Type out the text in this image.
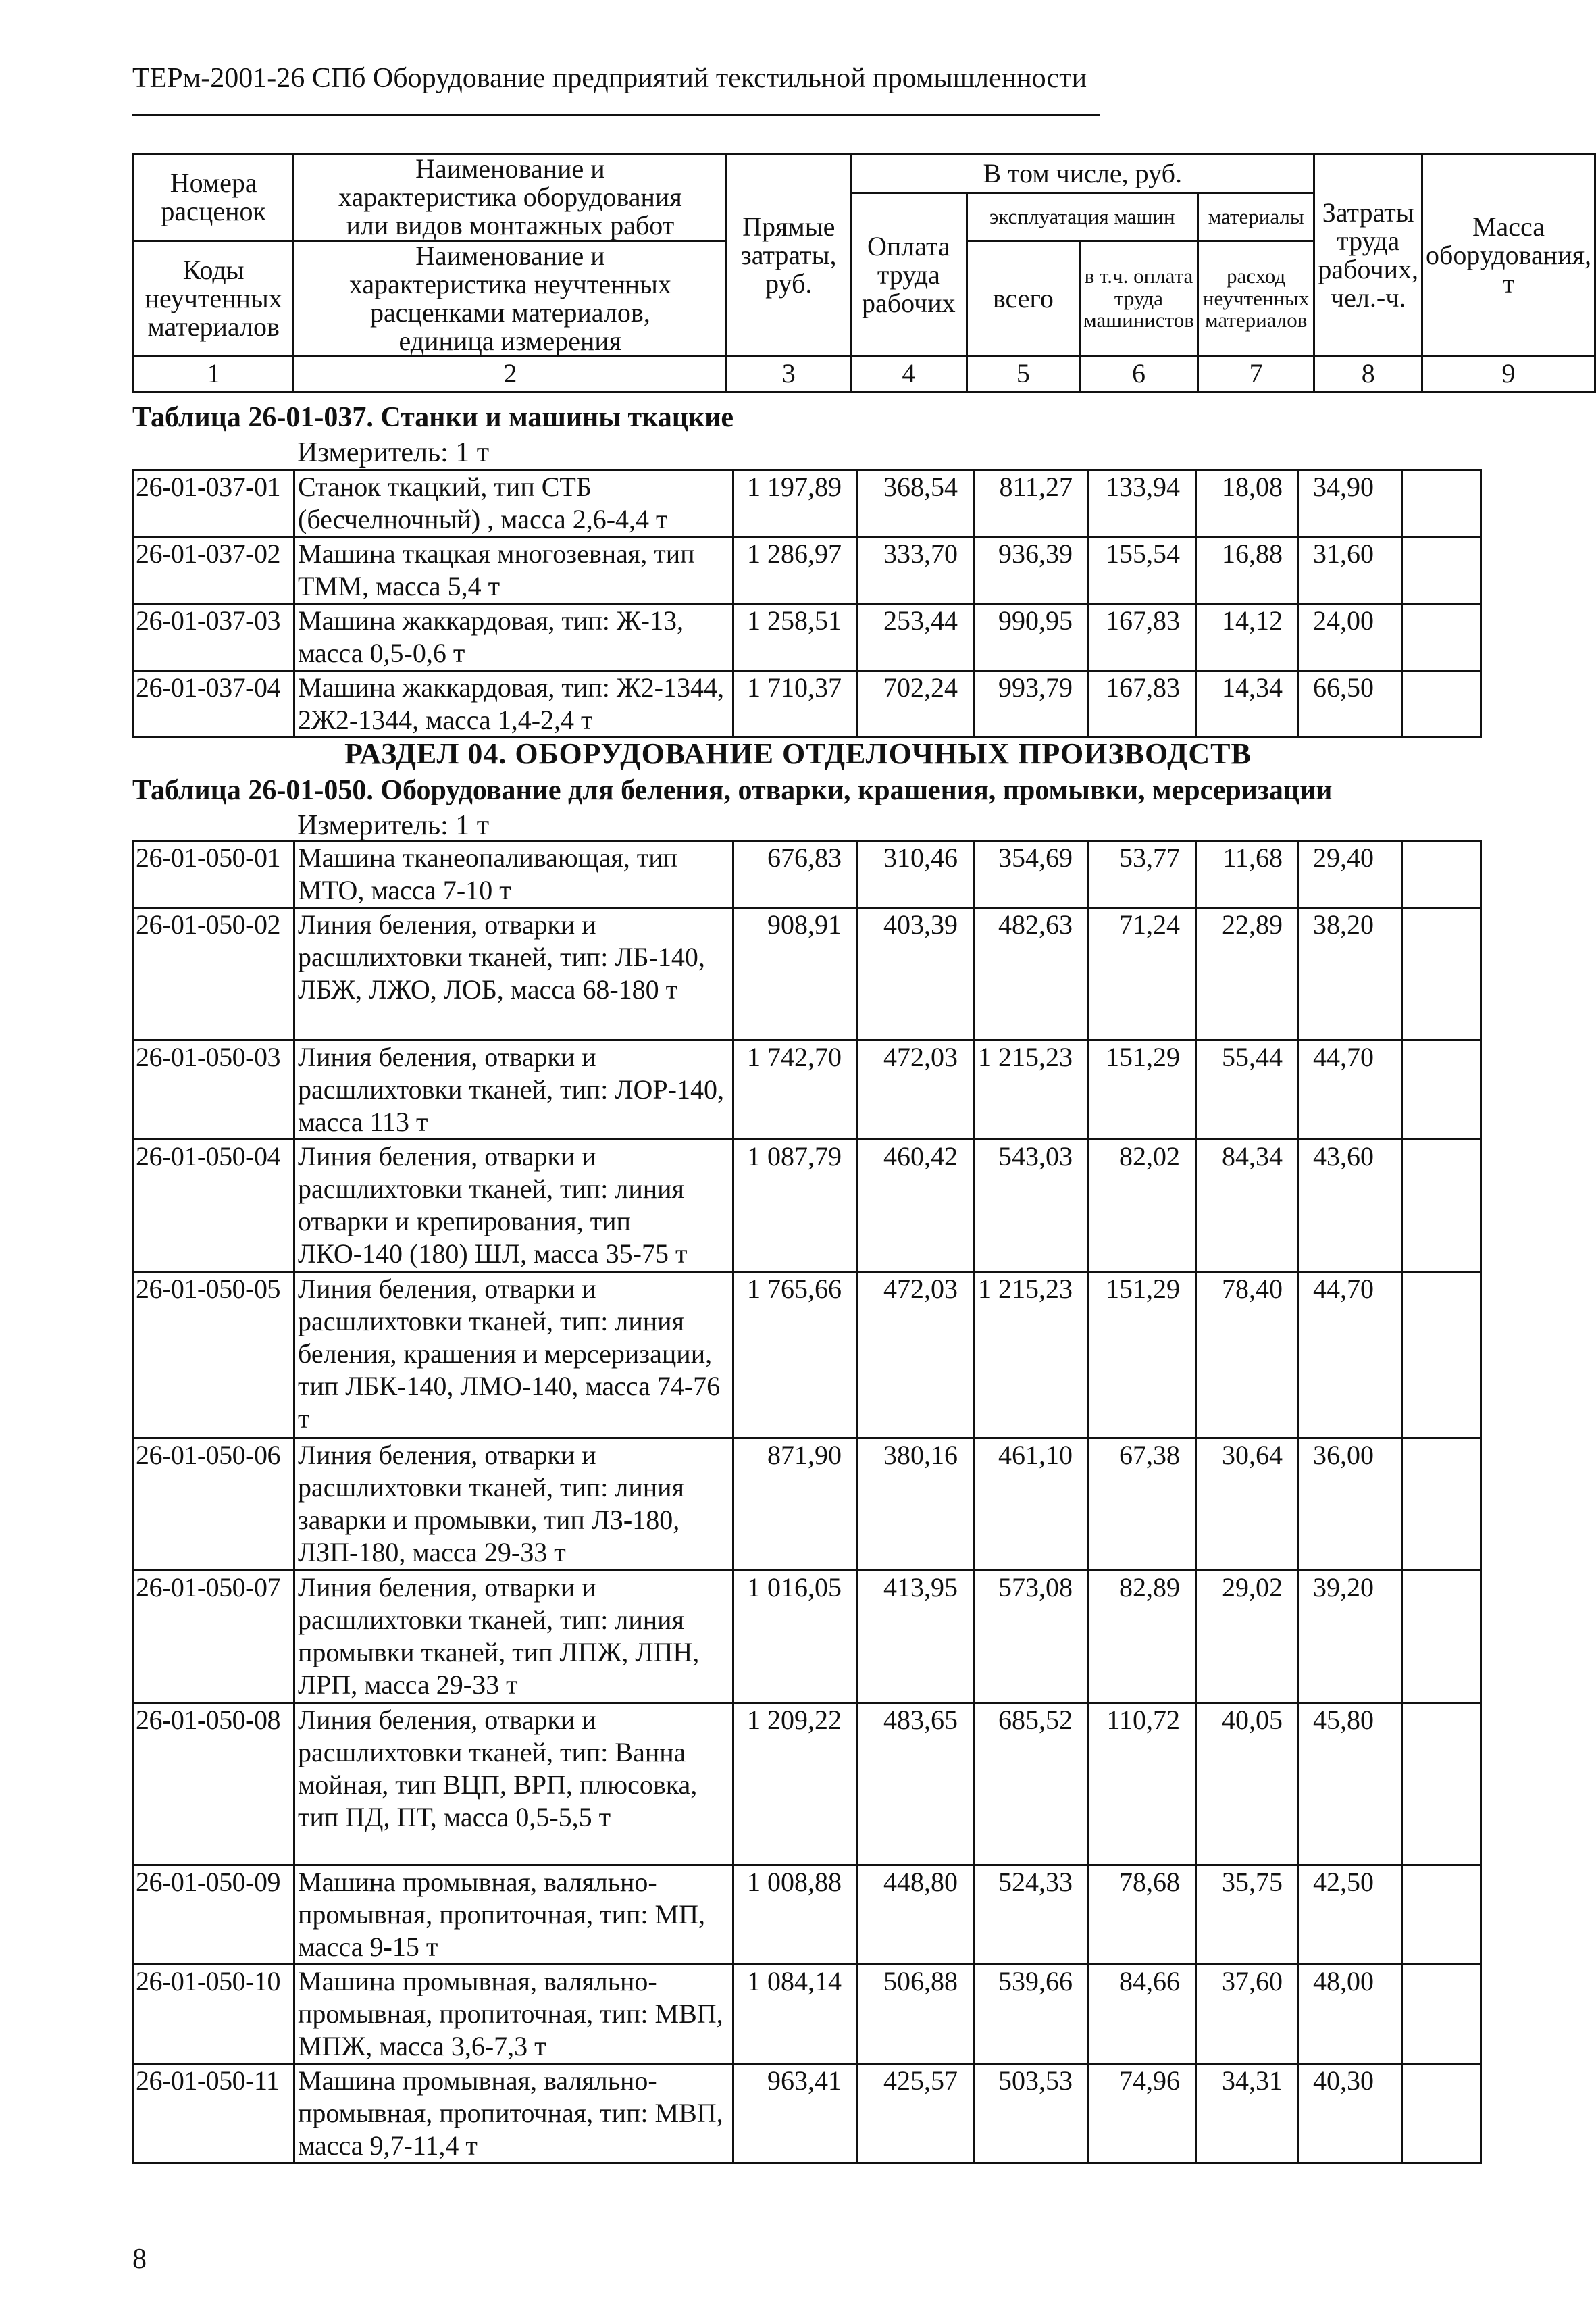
ТЕРм-2001-26 СПб Оборудование предприятий текстильной промышленности
Номера расценок	Наименование и характеристика оборудования или видов монтажных работ	Прямые затраты, руб.	В том числе, руб.				Затраты труда рабочих, чел.-ч.	Масса оборудования, т
			Оплата труда рабочих	эксплуатация машин		материалы		
Коды неучтенных материалов	Наименование и характеристика неучтенных расценками материалов, единица измерения			всего	в т.ч. оплата труда машинистов	расход неучтенных материалов		

1	2	3	4	5	6	7	8	9
Таблица 26-01-037. Станки и машины ткацкие
Измеритель: 1 т
26-01-037-01	Станок ткацкий, тип СТБ (бесчелночный) , масса 2,6-4,4 т	1 197,89	368,54	811,27	133,94	18,08	34,90	
26-01-037-02	Машина ткацкая многозевная, тип ТММ, масса 5,4 т	1 286,97	333,70	936,39	155,54	16,88	31,60	
26-01-037-03	Машина жаккардовая, тип: Ж-13, масса 0,5-0,6 т	1 258,51	253,44	990,95	167,83	14,12	24,00	
26-01-037-04	Машина жаккардовая, тип: Ж2-1344, 2Ж2-1344, масса 1,4-2,4 т	1 710,37	702,24	993,79	167,83	14,34	66,50	
РАЗДЕЛ 04. ОБОРУДОВАНИЕ ОТДЕЛОЧНЫХ ПРОИЗВОДСТВ
Таблица 26-01-050. Оборудование для беления, отварки, крашения, промывки, мерсеризации
Измеритель: 1 т
26-01-050-01	Машина тканеопаливающая, тип МТО, масса 7-10 т	676,83	310,46	354,69	53,77	11,68	29,40	
26-01-050-02	Линия беления, отварки и расшлихтовки тканей, тип: ЛБ-140, ЛБЖ, ЛЖО, ЛОБ, масса 68-180 т	908,91	403,39	482,63	71,24	22,89	38,20	
26-01-050-03	Линия беления, отварки и расшлихтовки тканей, тип: ЛОР-140, масса 113 т	1 742,70	472,03	1 215,23	151,29	55,44	44,70	
26-01-050-04	Линия беления, отварки и расшлихтовки тканей, тип: линия отварки и крепирования, тип ЛКО-140 (180) ШЛ, масса 35-75 т	1 087,79	460,42	543,03	82,02	84,34	43,60	
26-01-050-05	Линия беления, отварки и расшлихтовки тканей, тип: линия беления, крашения и мерсеризации, тип ЛБК-140, ЛМО-140, масса 74-76 т	1 765,66	472,03	1 215,23	151,29	78,40	44,70	
26-01-050-06	Линия беления, отварки и расшлихтовки тканей, тип: линия заварки и промывки, тип ЛЗ-180, ЛЗП-180, масса 29-33 т	871,90	380,16	461,10	67,38	30,64	36,00	
26-01-050-07	Линия беления, отварки и расшлихтовки тканей, тип: линия промывки тканей, тип ЛПЖ, ЛПН, ЛРП, масса 29-33 т	1 016,05	413,95	573,08	82,89	29,02	39,20	
26-01-050-08	Линия беления, отварки и расшлихтовки тканей, тип: Ванна мойная, тип ВЦП, ВРП, плюсовка, тип ПД, ПТ, масса 0,5-5,5 т	1 209,22	483,65	685,52	110,72	40,05	45,80	
26-01-050-09	Машина промывная, валяльно-промывная, пропиточная, тип: МП, масса 9-15 т	1 008,88	448,80	524,33	78,68	35,75	42,50	
26-01-050-10	Машина промывная, валяльно-промывная, пропиточная, тип: МВП, МПЖ, масса 3,6-7,3 т	1 084,14	506,88	539,66	84,66	37,60	48,00	
26-01-050-11	Машина промывная, валяльно-промывная, пропиточная, тип: МВП, масса 9,7-11,4 т	963,41	425,57	503,53	74,96	34,31	40,30	
8
